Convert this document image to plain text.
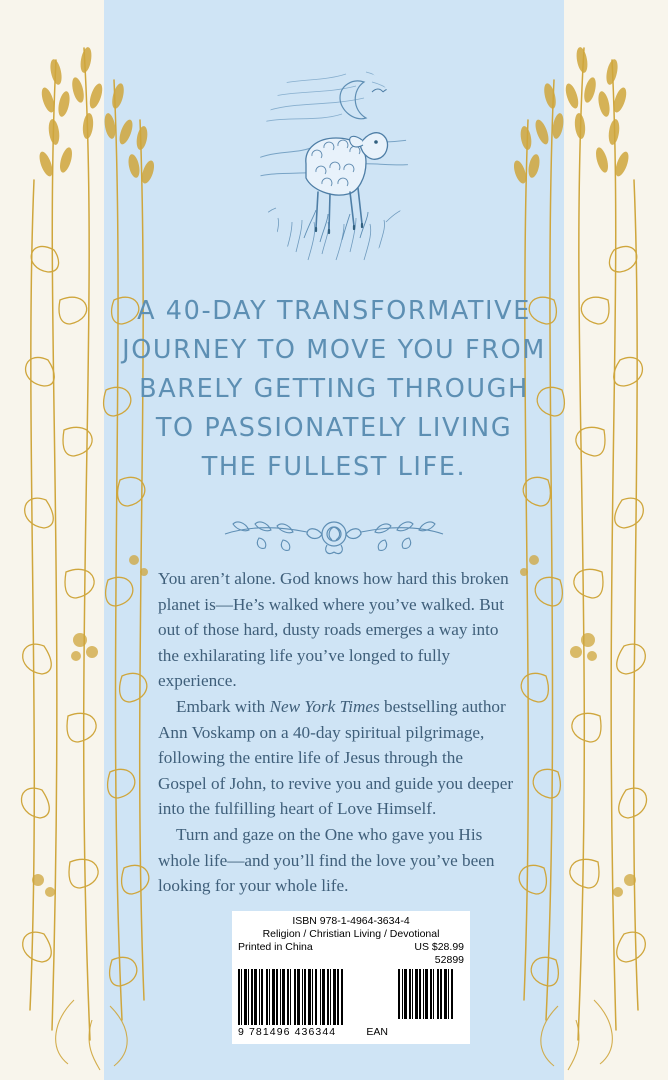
A 40-DAY TRANSFORMATIVE
JOURNEY TO MOVE YOU FROM
BARELY GETTING THROUGH
TO PASSIONATELY LIVING
THE FULLEST LIFE.

You aren’t alone. God knows how hard this broken planet is—He’s walked where you’ve walked. But out of those hard, dusty roads emerges a way into the exhilarating life you’ve longed to fully experience.

Embark with New York Times bestselling author Ann Voskamp on a 40-day spiritual pilgrimage, following the entire life of Jesus through the Gospel of John, to revive you and guide you deeper into the fulfilling heart of Love Himself.

Turn and gaze on the One who gave you His whole life—and you’ll find the love you’ve been looking for your whole life.

ISBN 978-1-4964-3634-4
Religion / Christian Living / Devotional
Printed in China	US $28.99
52899
9 781496 436344	EAN
